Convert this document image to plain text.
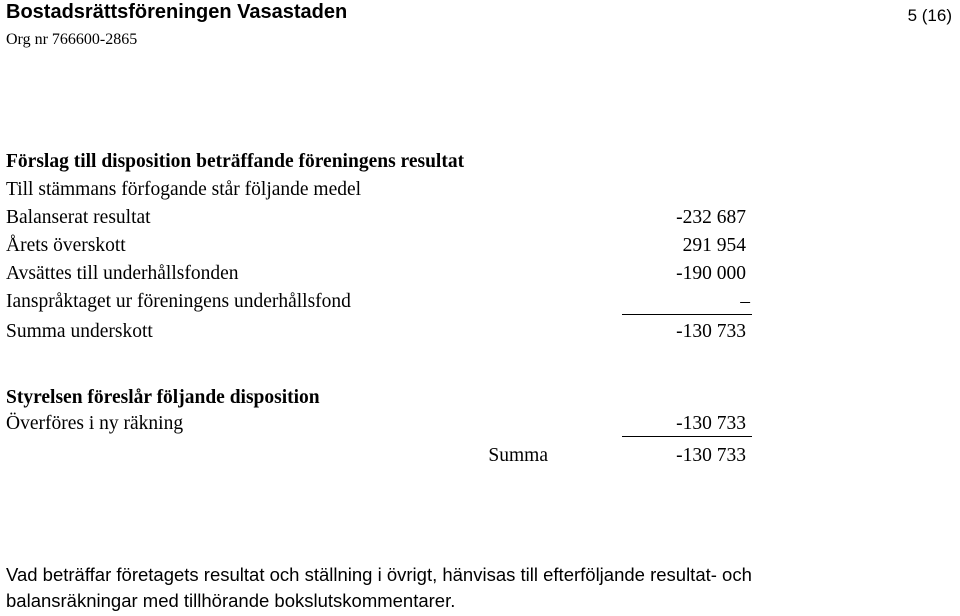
Bostadsrättsföreningen Vasastaden
Org nr 766600-2865
5 (16)
Förslag till disposition beträffande föreningens resultat
Till stämmans förfogande står följande medel
Balanserat resultat	-232 687
Årets överskott	291 954
Avsättes till underhållsfonden	-190 000
Ianspråktaget ur föreningens underhållsfond	–
Summa underskott	-130 733
Styrelsen föreslår följande disposition
Överföres i ny räkning	-130 733
Summa	-130 733
Vad beträffar företagets resultat och ställning i övrigt, hänvisas till efterföljande resultat- och
balansräkningar med tillhörande bokslutskommentarer.
